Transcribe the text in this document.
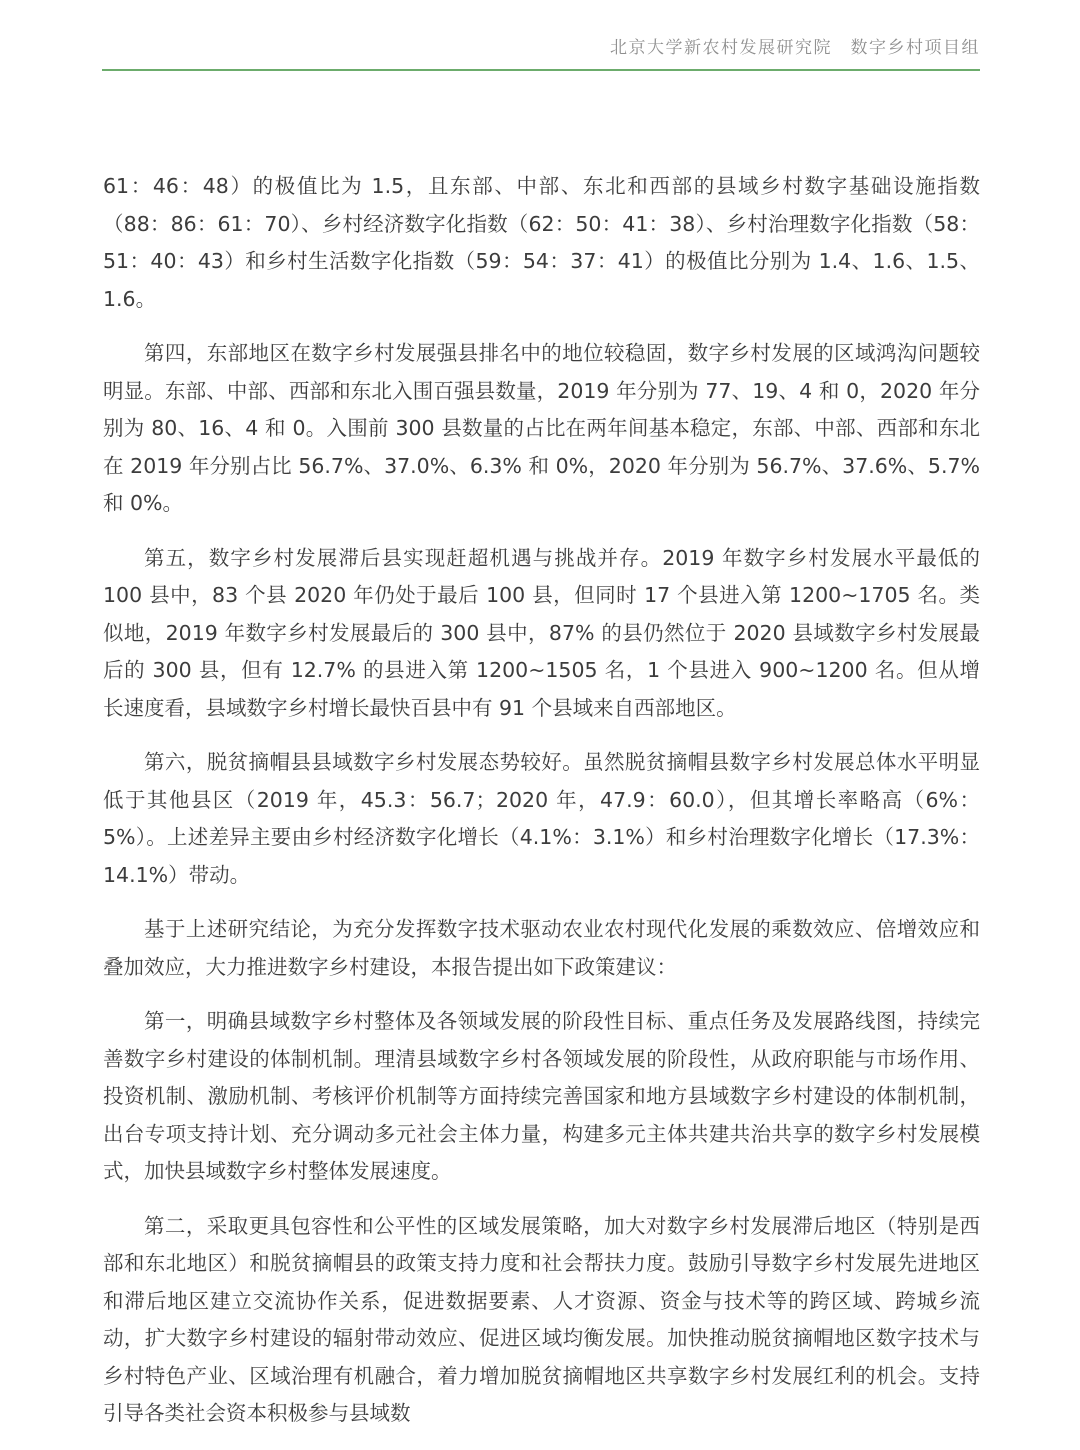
北京大学新农村发展研究院　数字乡村项目组

61：46：48）的极值比为 1.5，且东部、中部、东北和西部的县域乡村数字基础设施指数（88：86：61：70）、乡村经济数字化指数（62：50：41：38）、乡村治理数字化指数（58：51：40：43）和乡村生活数字化指数（59：54：37：41）的极值比分别为 1.4、1.6、1.5、1.6。

第四，东部地区在数字乡村发展强县排名中的地位较稳固，数字乡村发展的区域鸿沟问题较明显。东部、中部、西部和东北入围百强县数量，2019 年分别为 77、19、4 和 0，2020 年分别为 80、16、4 和 0。入围前 300 县数量的占比在两年间基本稳定，东部、中部、西部和东北在 2019 年分别占比 56.7%、37.0%、6.3% 和 0%，2020 年分别为 56.7%、37.6%、5.7% 和 0%。

第五，数字乡村发展滞后县实现赶超机遇与挑战并存。2019 年数字乡村发展水平最低的 100 县中，83 个县 2020 年仍处于最后 100 县，但同时 17 个县进入第 1200~1705 名。类似地，2019 年数字乡村发展最后的 300 县中，87% 的县仍然位于 2020 县域数字乡村发展最后的 300 县，但有 12.7% 的县进入第 1200~1505 名，1 个县进入 900~1200 名。但从增长速度看，县域数字乡村增长最快百县中有 91 个县域来自西部地区。

第六，脱贫摘帽县县域数字乡村发展态势较好。虽然脱贫摘帽县数字乡村发展总体水平明显低于其他县区（2019 年，45.3：56.7；2020 年，47.9：60.0），但其增长率略高（6%：5%）。上述差异主要由乡村经济数字化增长（4.1%：3.1%）和乡村治理数字化增长（17.3%：14.1%）带动。

基于上述研究结论，为充分发挥数字技术驱动农业农村现代化发展的乘数效应、倍增效应和叠加效应，大力推进数字乡村建设，本报告提出如下政策建议：

第一，明确县域数字乡村整体及各领域发展的阶段性目标、重点任务及发展路线图，持续完善数字乡村建设的体制机制。理清县域数字乡村各领域发展的阶段性，从政府职能与市场作用、投资机制、激励机制、考核评价机制等方面持续完善国家和地方县域数字乡村建设的体制机制，出台专项支持计划、充分调动多元社会主体力量，构建多元主体共建共治共享的数字乡村发展模式，加快县域数字乡村整体发展速度。

第二，采取更具包容性和公平性的区域发展策略，加大对数字乡村发展滞后地区（特别是西部和东北地区）和脱贫摘帽县的政策支持力度和社会帮扶力度。鼓励引导数字乡村发展先进地区和滞后地区建立交流协作关系，促进数据要素、人才资源、资金与技术等的跨区域、跨城乡流动，扩大数字乡村建设的辐射带动效应、促进区域均衡发展。加快推动脱贫摘帽地区数字技术与乡村特色产业、区域治理有机融合，着力增加脱贫摘帽地区共享数字乡村发展红利的机会。支持引导各类社会资本积极参与县域数
